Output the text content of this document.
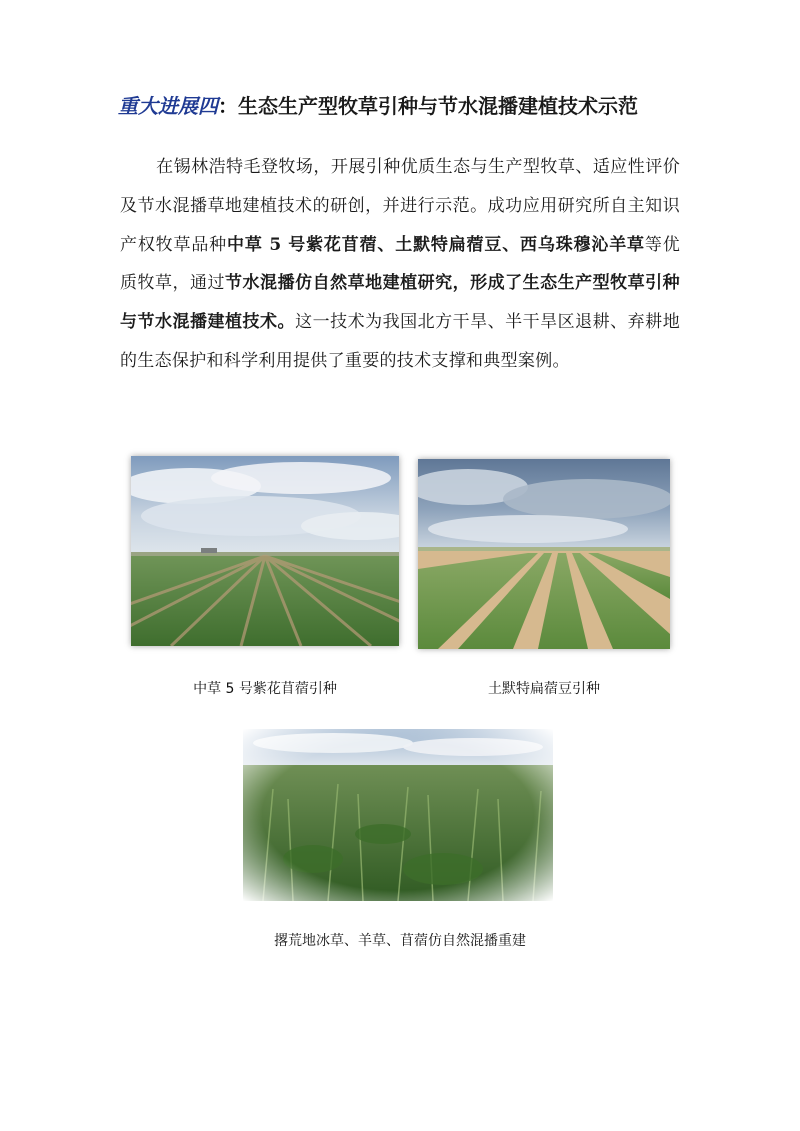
重大进展四：生态生产型牧草引种与节水混播建植技术示范
在锡林浩特毛登牧场，开展引种优质生态与生产型牧草、适应性评价及节水混播草地建植技术的研创，并进行示范。成功应用研究所自主知识产权牧草品种中草 5 号紫花苜蓿、土默特扁蓿豆、西乌珠穆沁羊草等优质牧草，通过节水混播仿自然草地建植研究，形成了生态生产型牧草引种与节水混播建植技术。这一技术为我国北方干旱、半干旱区退耕、弃耕地的生态保护和科学利用提供了重要的技术支撑和典型案例。
中草 5 号紫花苜蓿引种	土默特扁蓿豆引种
撂荒地冰草、羊草、苜蓿仿自然混播重建
